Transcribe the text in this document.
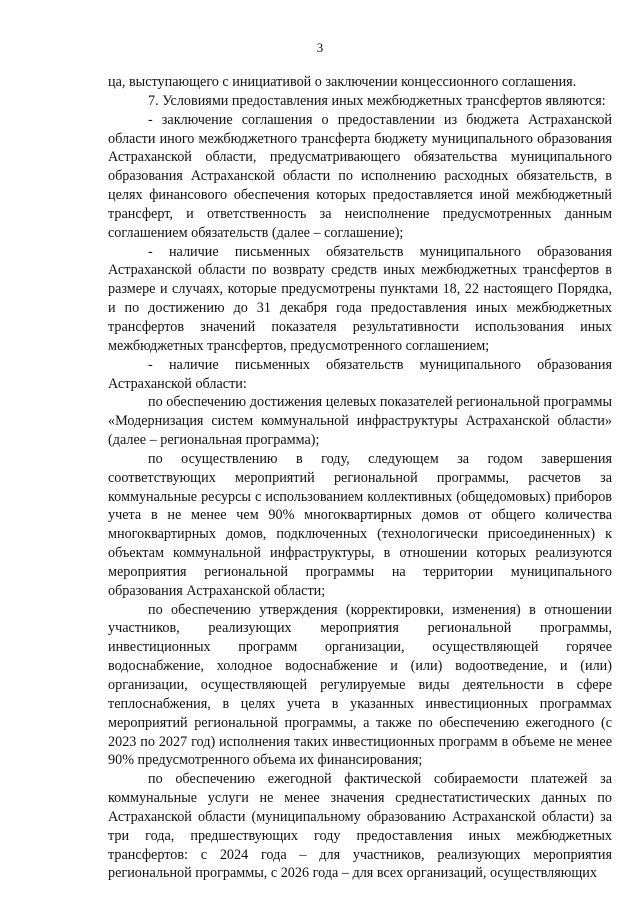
3

ца, выступающего с инициативой о заключении концессионного соглашения.

7. Условиями предоставления иных межбюджетных трансфертов являются:

- заключение соглашения о предоставлении из бюджета Астраханской области иного межбюджетного трансферта бюджету муниципального образования Астраханской области, предусматривающего обязательства муниципального образования Астраханской области по исполнению расходных обязательств, в целях финансового обеспечения которых предоставляется иной межбюджетный трансферт, и ответственность за неисполнение предусмотренных данным соглашением обязательств (далее – соглашение);

- наличие письменных обязательств муниципального образования Астраханской области по возврату средств иных межбюджетных трансфертов в размере и случаях, которые предусмотрены пунктами 18, 22 настоящего Порядка, и по достижению до 31 декабря года предоставления иных межбюджетных трансфертов значений показателя результативности использования иных межбюджетных трансфертов, предусмотренного соглашением;

- наличие письменных обязательств муниципального образования Астраханской области:

по обеспечению достижения целевых показателей региональной программы «Модернизация систем коммунальной инфраструктуры Астраханской области» (далее – региональная программа);

по осуществлению в году, следующем за годом завершения соответствующих мероприятий региональной программы, расчетов за коммунальные ресурсы с использованием коллективных (общедомовых) приборов учета в не менее чем 90% многоквартирных домов от общего количества многоквартирных домов, подключенных (технологически присоединенных) к объектам коммунальной инфраструктуры, в отношении которых реализуются мероприятия региональной программы на территории муниципального образования Астраханской области;

по обеспечению утверждения (корректировки, изменения) в отношении участников, реализующих мероприятия региональной программы, инвестиционных программ организации, осуществляющей горячее водоснабжение, холодное водоснабжение и (или) водоотведение, и (или) организации, осуществляющей регулируемые виды деятельности в сфере теплоснабжения, в целях учета в указанных инвестиционных программах мероприятий региональной программы, а также по обеспечению ежегодного (с 2023 по 2027 год) исполнения таких инвестиционных программ в объеме не менее 90% предусмотренного объема их финансирования;

по обеспечению ежегодной фактической собираемости платежей за коммунальные услуги не менее значения среднестатистических данных по Астраханской области (муниципальному образованию Астраханской области) за три года, предшествующих году предоставления иных межбюджетных трансфертов: с 2024 года – для участников, реализующих мероприятия региональной программы, с 2026 года – для всех организаций, осуществляющих
